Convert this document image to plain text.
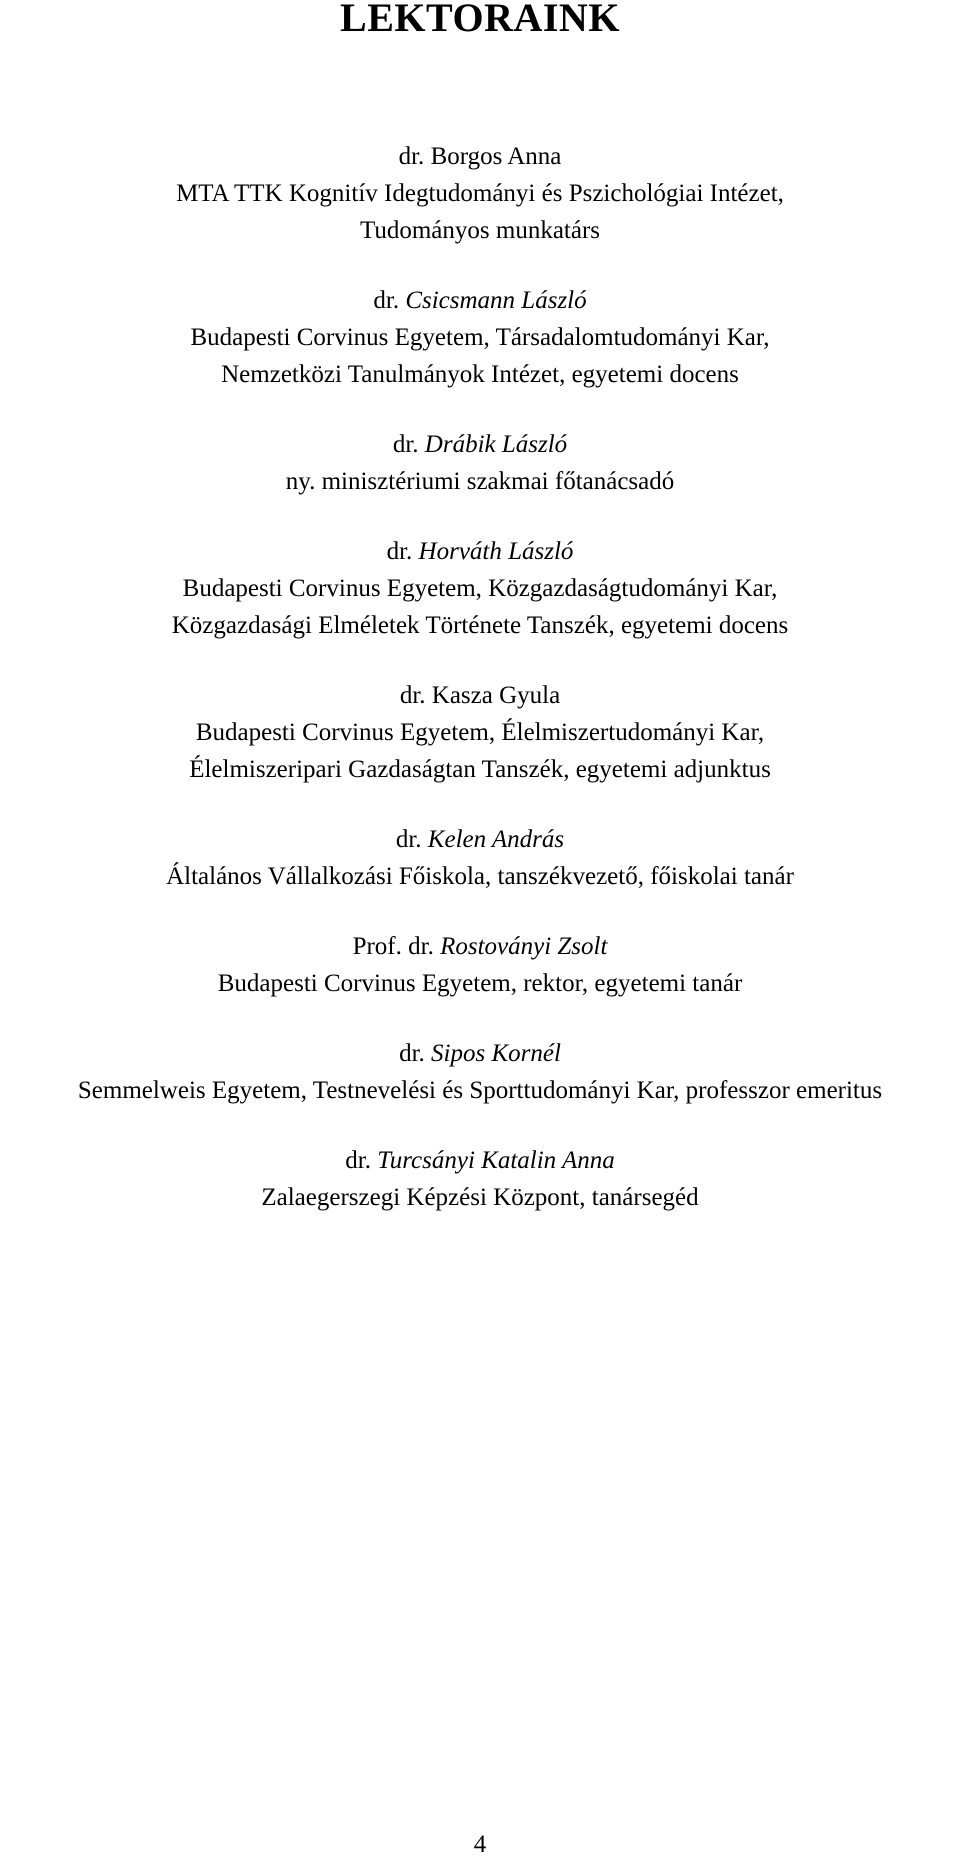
LEKTORAINK
dr. Borgos Anna
MTA TTK Kognitív Idegtudományi és Pszichológiai Intézet,
Tudományos munkatárs
dr. Csicsmann László
Budapesti Corvinus Egyetem, Társadalomtudományi Kar,
Nemzetközi Tanulmányok Intézet, egyetemi docens
dr. Drábik László
ny. minisztériumi szakmai főtanácsadó
dr. Horváth László
Budapesti Corvinus Egyetem, Közgazdaságtudományi Kar,
Közgazdasági Elméletek Története Tanszék, egyetemi docens
dr. Kasza Gyula
Budapesti Corvinus Egyetem, Élelmiszertudományi Kar,
Élelmiszeripari Gazdaságtan Tanszék, egyetemi adjunktus
dr. Kelen András
Általános Vállalkozási Főiskola, tanszékvezető, főiskolai tanár
Prof. dr. Rostoványi Zsolt
Budapesti Corvinus Egyetem, rektor, egyetemi tanár
dr. Sipos Kornél
Semmelweis Egyetem, Testnevelési és Sporttudományi Kar, professzor emeritus
dr. Turcsányi Katalin Anna
Zalaegerszegi Képzési Központ, tanársegéd
4
